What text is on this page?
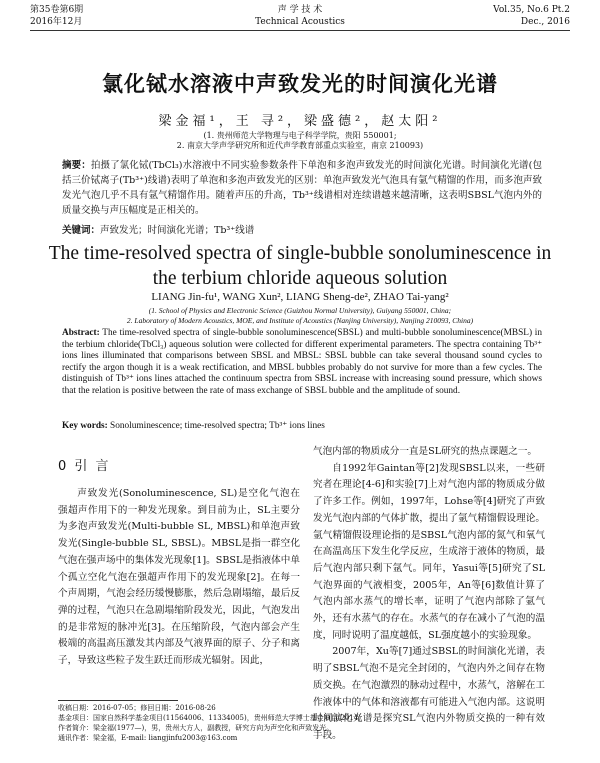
第35卷第6期
2016年12月
声 学 技 术
Technical Acoustics
Vol.35, No.6 Pt.2
Dec., 2016
氯化铽水溶液中声致发光的时间演化光谱
梁金福¹，王 寻²，梁盛德²，赵太阳²
(1. 贵州师范大学物理与电子科学学院，贵阳 550001;
2. 南京大学声学研究所和近代声学教育部重点实验室，南京 210093)
摘要：拍摄了氯化铽(TbCl₃)水溶液中不同实验参数条件下单泡和多泡声致发光的时间演化光谱。时间演化光谱(包括三价铽离子(Tb³⁺)线谱)表明了单泡和多泡声致发光的区别：单泡声致发光气泡具有氩气精馏的作用，而多泡声致发光气泡几乎不具有氩气精馏作用。随着声压的升高，Tb³⁺线谱相对连续谱越来越清晰，这表明SBSL气泡内外的质量交换与声压幅度是正相关的。
关键词：声致发光；时间演化光谱；Tb³⁺线谱
The time-resolved spectra of single-bubble sonoluminescence in the terbium chloride aqueous solution
LIANG Jin-fu¹, WANG Xun², LIANG Sheng-de², ZHAO Tai-yang²
(1. School of Physics and Electronic Science (Guizhou Normal University), Guiyang 550001, China;
2. Laboratory of Modern Acoustics, MOE, and Institute of Acoustics (Nanjing University), Nanjing 210093, China)
Abstract: The time-resolved spectra of single-bubble sonoluminescence(SBSL) and multi-bubble sonoluminescence(MBSL) in the terbium chloride(TbCl₃) aqueous solution were collected for different experimental parameters. The spectra containing Tb³⁺ ions lines illuminated that comparisons between SBSL and MBSL: SBSL bubble can take several thousand sound cycles to rectify the argon though it is a weak rectification, and MBSL bubbles probably do not survive for more than a few cycles. The distinguish of Tb³⁺ ions lines attached the continuum spectra from SBSL increase with increasing sound pressure, which shows that the relation is positive between the rate of mass exchange of SBSL bubble and the amplitude of sound.
Key words: Sonoluminescence; time-resolved spectra; Tb³⁺ ions lines
0 引 言

声致发光(Sonoluminescence, SL)是空化气泡在强超声作用下的一种发光现象。到目前为止，SL主要分为多泡声致发光(Multi-bubble SL, MBSL)和单泡声致发光(Single-bubble SL, SBSL)。MBSL是指一群空化气泡在强声场中的集体发光现象[1]。SBSL是指液体中单个孤立空化气泡在强超声作用下的发光现象[2]。在每一个声周期，气泡会经历缓慢膨胀，然后急剧塌缩，最后反弹的过程，气泡只在急剧塌缩阶段发光，因此，气泡发出的是非常短的脉冲光[3]。在压缩阶段，气泡内部会产生极端的高温高压激发其内部及气液界面的原子、分子和离子，导致这些粒子发生跃迁而形成光辐射。因此，

气泡内部的物质成分一直是SL研究的热点课题之一。

自1992年Gaintan等[2]发现SBSL以来，一些研究者在理论[4-6]和实验[7]上对气泡内部的物质成分做了许多工作。例如，1997年，Lohse等[4]研究了声致发光气泡内部的气体扩散，提出了氩气精馏假设理论。氩气精馏假设理论指的是SBSL气泡内部的氮气和氧气在高温高压下发生化学反应，生成溶于液体的物质，最后气泡内部只剩下氩气。同年，Yasui等[5]研究了SL气泡界面的气液相变，2005年，An等[6]数值计算了气泡内部水蒸气的增长率，证明了气泡内部除了氩气外，还有水蒸气的存在。水蒸气的存在减小了气泡的温度，同时说明了温度越低，SL强度越小的实验现象。

2007年，Xu等[7]通过SBSL的时间演化光谱，表明了SBSL气泡不是完全封闭的，气泡内外之间存在物质交换。在气泡激烈的脉动过程中，水蒸气，溶解在工作液体中的气体和溶液都有可能进入气泡内部。这说明时间演化光谱是探究SL气泡内外物质交换的一种有效手段。

收稿日期：2016-07-05；修回日期：2016-08-26
基金项目：国家自然科学基金项目(11564006、11334005)，贵州师范大学博士基金项目(2014)
作者简介：梁金福(1977—)，男，贵州大方人，副教授，研究方向为声空化和声致发光。
通讯作者：梁金福，E-mail: liangjinfu2003@163.com
